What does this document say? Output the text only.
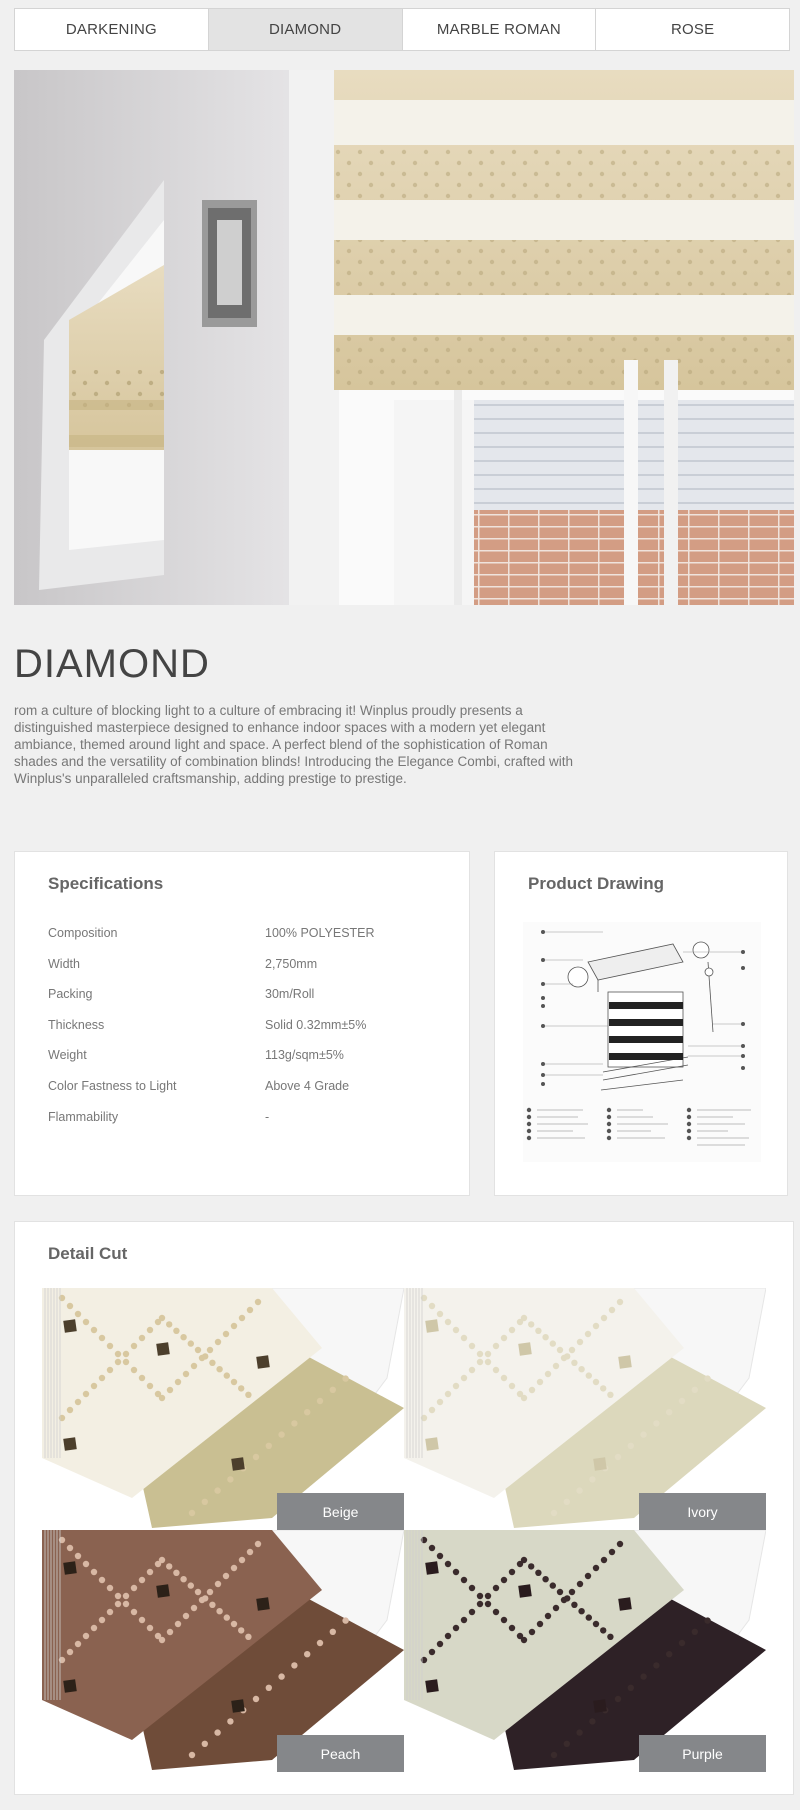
DARKENING	DIAMOND	MARBLE ROMAN	ROSE
DIAMOND

rom a culture of blocking light to a culture of embracing it! Winplus proudly presents a distinguished masterpiece designed to enhance indoor spaces with a modern yet elegant ambiance, themed around light and space. A perfect blend of the sophistication of Roman shades and the versatility of combination blinds! Introducing the Elegance Combi, crafted with Winplus's unparalleled craftsmanship, adding prestige to prestige.

Specifications
Composition	100% POLYESTER
Width	2,750mm
Packing	30m/Roll
Thickness	Solid 0.32mm±5%
Weight	113g/sqm±5%
Color Fastness to Light	Above 4 Grade
Flammability	-
Product Drawing
Detail Cut
Beige	Ivory
Peach	Purple
